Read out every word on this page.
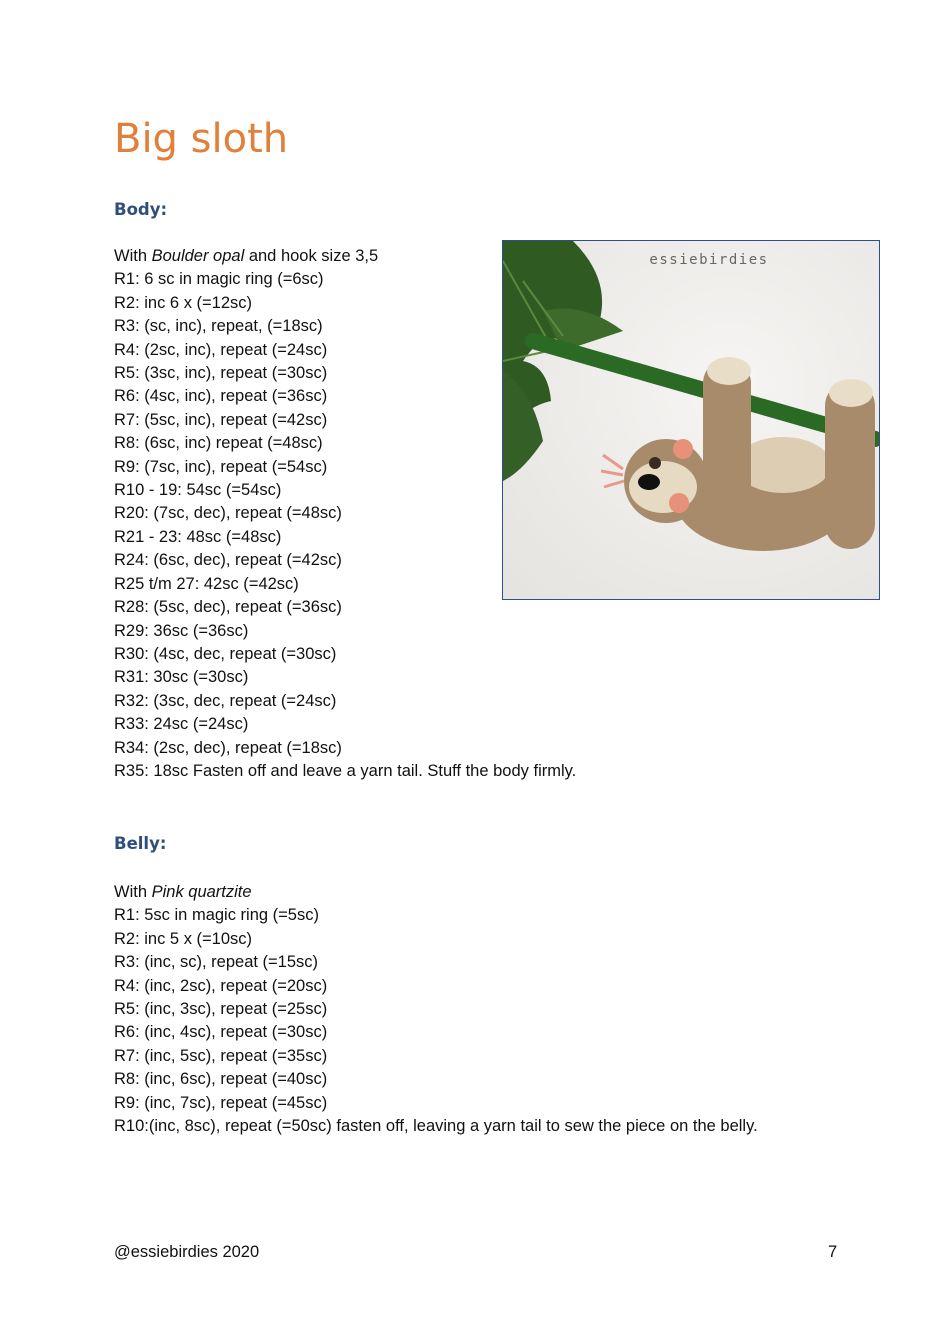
Big sloth
Body:
With Boulder opal and hook size 3,5
R1: 6 sc in magic ring (=6sc)
R2: inc 6 x (=12sc)
R3: (sc, inc), repeat, (=18sc)
R4: (2sc, inc), repeat (=24sc)
R5: (3sc, inc), repeat (=30sc)
R6: (4sc, inc), repeat (=36sc)
R7: (5sc, inc), repeat (=42sc)
R8: (6sc, inc) repeat (=48sc)
R9: (7sc, inc), repeat (=54sc)
R10 - 19: 54sc (=54sc)
R20: (7sc, dec), repeat (=48sc)
R21 - 23: 48sc (=48sc)
R24: (6sc, dec), repeat (=42sc)
R25 t/m 27: 42sc (=42sc)
R28: (5sc, dec), repeat (=36sc)
R29: 36sc (=36sc)
R30: (4sc, dec, repeat (=30sc)
R31: 30sc (=30sc)
R32: (3sc, dec, repeat (=24sc)
R33: 24sc (=24sc)
R34: (2sc, dec), repeat (=18sc)
R35: 18sc Fasten off and leave a yarn tail. Stuff the body firmly.
essiebirdies
Belly:
With Pink quartzite
R1: 5sc in magic ring (=5sc)
R2: inc 5 x (=10sc)
R3: (inc, sc), repeat (=15sc)
R4: (inc, 2sc), repeat (=20sc)
R5: (inc, 3sc), repeat (=25sc)
R6: (inc, 4sc), repeat (=30sc)
R7: (inc, 5sc), repeat (=35sc)
R8: (inc, 6sc), repeat (=40sc)
R9: (inc, 7sc), repeat (=45sc)
R10:(inc, 8sc), repeat (=50sc) fasten off, leaving a yarn tail to sew the piece on the belly.
@essiebirdies 2020	7
